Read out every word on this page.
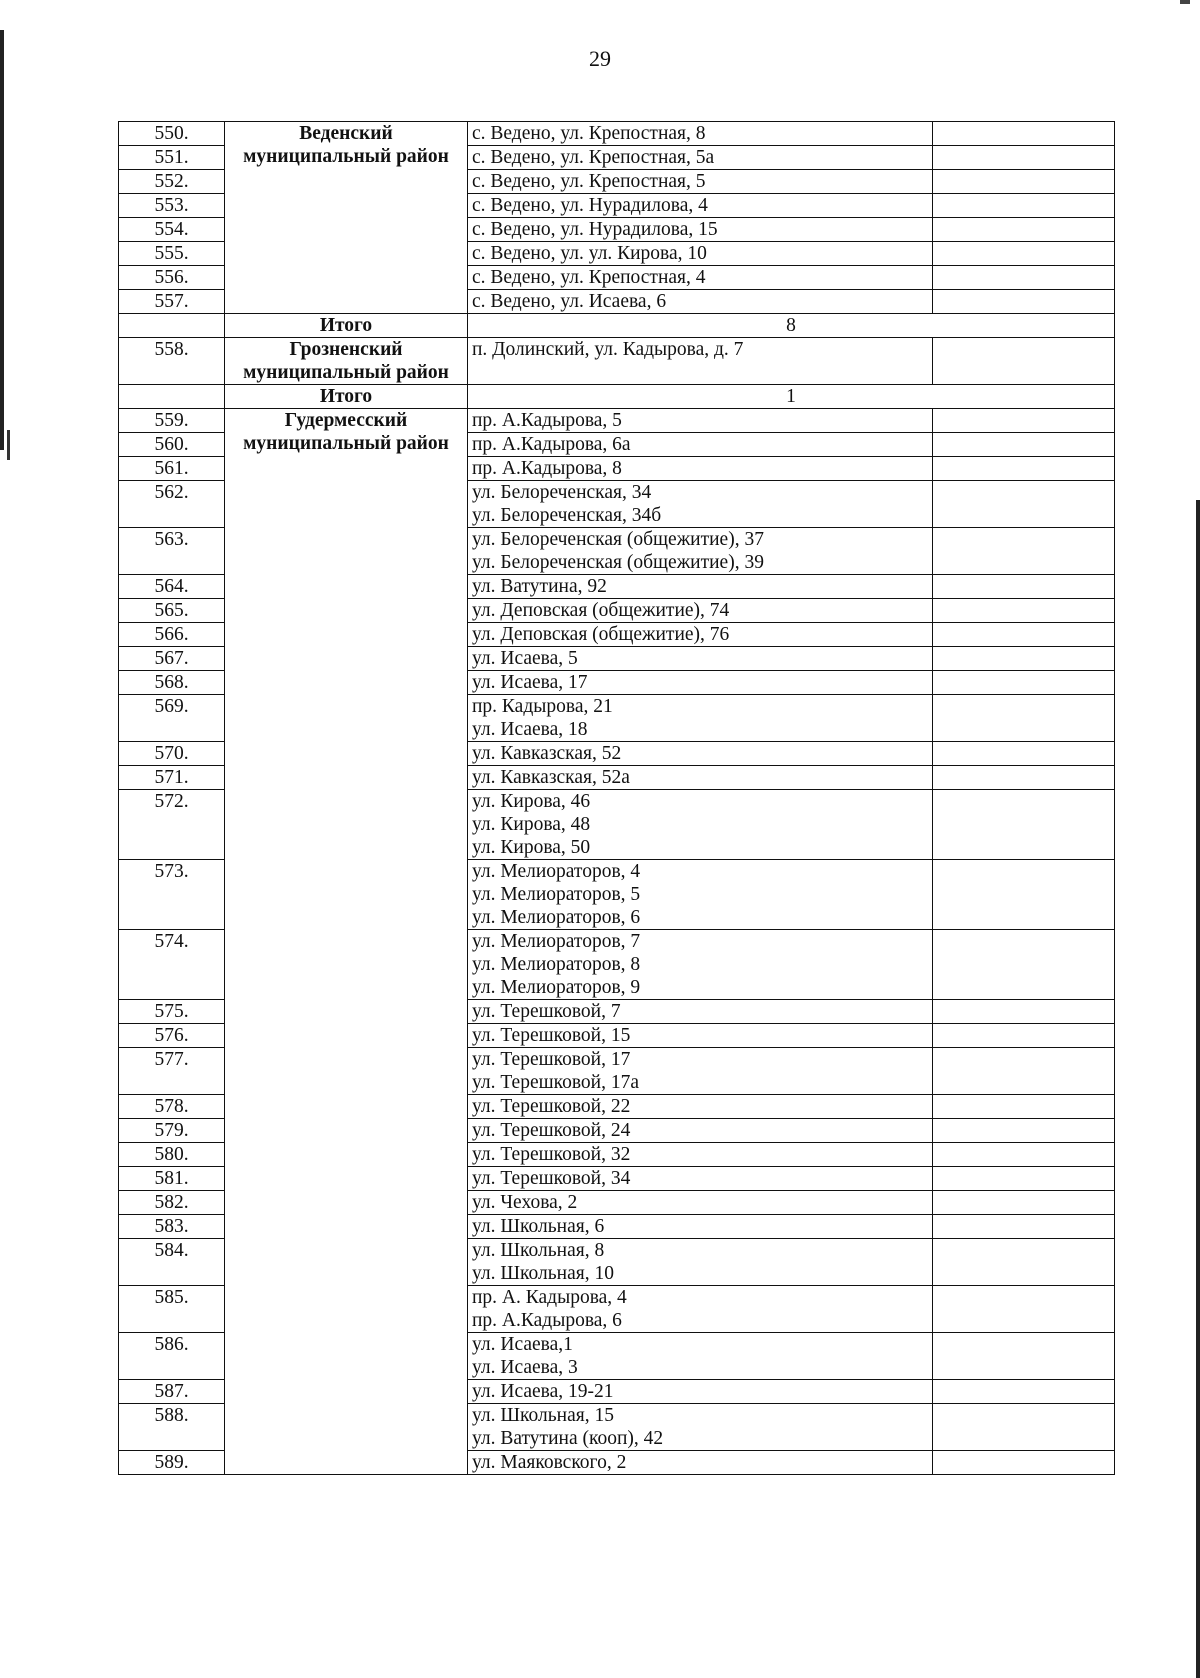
29
550.	Веденский муниципальный район	с. Ведено, ул. Крепостная, 8	

551.		с. Ведено, ул. Крепостная, 5а	

552.		с. Ведено, ул. Крепостная, 5	

553.		с. Ведено, ул. Нурадилова, 4	

554.		с. Ведено, ул. Нурадилова, 15	

555.		с. Ведено, ул. ул. Кирова, 10	

556.		с. Ведено, ул. Крепостная, 4	

557.		с. Ведено, ул. Исаева, 6	

	Итого	8	
558.	Грозненский муниципальный район	п. Долинский, ул. Кадырова, д. 7	

	Итого	1	
559.	Гудермесский муниципальный район	пр. А.Кадырова, 5	

560.		пр. А.Кадырова, 6а	

561.		пр. А.Кадырова, 8	

562.		ул. Белореченская, 34
ул. Белореченская, 34б	

563.		ул. Белореченская (общежитие), 37
ул. Белореченская (общежитие), 39	

564.		ул. Ватутина, 92	

565.		ул. Деповская (общежитие), 74	

566.		ул. Деповская (общежитие), 76	

567.		ул. Исаева, 5	

568.		ул. Исаева, 17	

569.		пр. Кадырова, 21
ул. Исаева, 18	

570.		ул. Кавказская, 52	

571.		ул. Кавказская, 52а	

572.		ул. Кирова, 46
ул. Кирова, 48
ул. Кирова, 50	

573.		ул. Мелиораторов, 4
ул. Мелиораторов, 5
ул. Мелиораторов, 6	

574.		ул. Мелиораторов, 7
ул. Мелиораторов, 8
ул. Мелиораторов, 9	

575.		ул. Терешковой, 7	

576.		ул. Терешковой, 15	

577.		ул. Терешковой, 17
ул. Терешковой, 17а	

578.		ул. Терешковой, 22	

579.		ул. Терешковой, 24	

580.		ул. Терешковой, 32	

581.		ул. Терешковой, 34	

582.		ул. Чехова, 2	

583.		ул. Школьная, 6	

584.		ул. Школьная, 8
ул. Школьная, 10	

585.		пр. А. Кадырова, 4
пр. А.Кадырова, 6	

586.		ул. Исаева,1
ул. Исаева, 3	

587.		ул. Исаева, 19-21	

588.		ул. Школьная, 15
ул. Ватутина (кооп), 42	

589.		ул. Маяковского, 2	
